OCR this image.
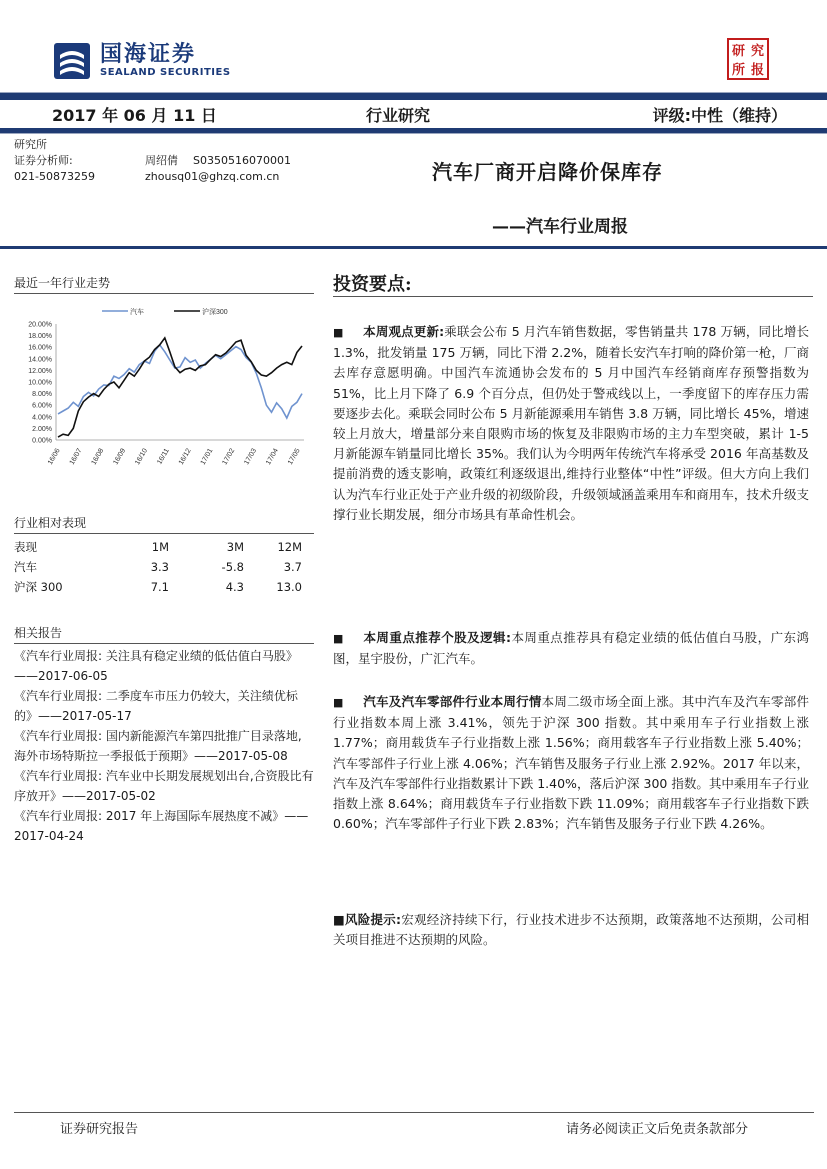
国海证券
SEALAND SECURITIES
研 究
所 报
2017 年 06 月 11 日	行业研究	评级:中性（维持）
研究所
证券分析师:	周绍倩	S0350516070001
021-50873259	zhousq01@ghzq.com.cn	汽车厂商开启降价保库存
——汽车行业周报
最近一年行业走势
0.00%
2.00%
4.00%
6.00%
8.00%
10.00%
12.00%
14.00%
16.00%
18.00%
20.00%
16/06 16/07 16/08 16/09 16/10 16/11 16/12 17/01 17/02 17/03 17/04 17/05
汽车	沪深300
行业相对表现
表现	1M	3M	12M
汽车	3.3	-5.8	3.7
沪深 300	7.1	4.3	13.0
相关报告
《汽车行业周报: 关注具有稳定业绩的低估值白马股》——2017-06-05
《汽车行业周报: 二季度车市压力仍较大，关注绩优标的》——2017-05-17
《汽车行业周报: 国内新能源汽车第四批推广目录落地, 海外市场特斯拉一季报低于预期》——2017-05-08
《汽车行业周报: 汽车业中长期发展规划出台,合资股比有序放开》——2017-05-02
《汽车行业周报: 2017 年上海国际车展热度不减》——2017-04-24
投资要点:
■ 本周观点更新:乘联会公布 5 月汽车销售数据，零售销量共 178 万辆，同比增长 1.3%，批发销量 175 万辆，同比下滑 2.2%，随着长安汽车打响的降价第一枪，厂商去库存意愿明确。中国汽车流通协会发布的 5 月中国汽车经销商库存预警指数为 51%，比上月下降了 6.9 个百分点，但仍处于警戒线以上，一季度留下的库存压力需要逐步去化。乘联会同时公布 5 月新能源乘用车销售 3.8 万辆，同比增长 45%，增速较上月放大，增量部分来自限购市场的恢复及非限购市场的主力车型突破，累计 1-5 月新能源车销量同比增长 35%。我们认为今明两年传统汽车将承受 2016 年高基数及提前消费的透支影响，政策红利逐级退出,维持行业整体“中性”评级。但大方向上我们认为汽车行业正处于产业升级的初级阶段，升级领域涵盖乘用车和商用车，技术升级支撑行业长期发展，细分市场具有革命性机会。
■ 本周重点推荐个股及逻辑:本周重点推荐具有稳定业绩的低估值白马股，广东鸿图，星宇股份，广汇汽车。
■ 汽车及汽车零部件行业本周行情本周二级市场全面上涨。其中汽车及汽车零部件行业指数本周上涨 3.41%，领先于沪深 300 指数。其中乘用车子行业指数上涨 1.77%；商用载货车子行业指数上涨 1.56%；商用载客车子行业指数上涨 5.40%；汽车零部件子行业上涨 4.06%；汽车销售及服务子行业上涨 2.92%。2017 年以来，汽车及汽车零部件行业指数累计下跌 1.40%，落后沪深 300 指数。其中乘用车子行业指数上涨 8.64%；商用载货车子行业指数下跌 11.09%；商用载客车子行业指数下跌 0.60%；汽车零部件子行业下跌 2.83%；汽车销售及服务子行业下跌 4.26%。
■风险提示:宏观经济持续下行，行业技术进步不达预期，政策落地不达预期，公司相关项目推进不达预期的风险。
证券研究报告	请务必阅读正文后免责条款部分
